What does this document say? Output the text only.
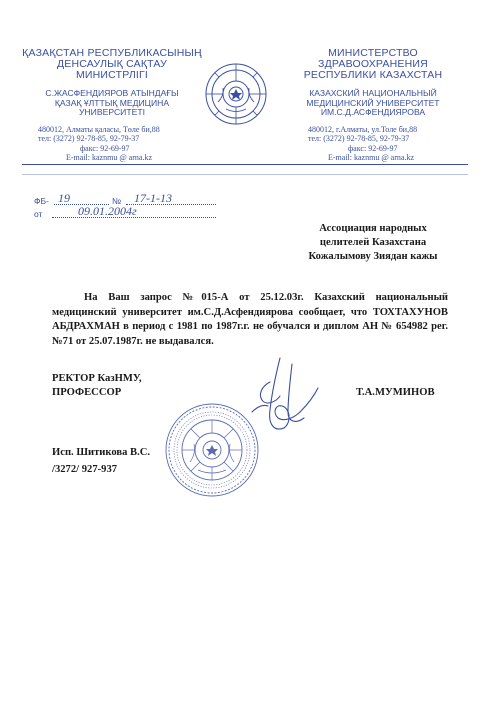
ҚАЗАҚСТАН РЕСПУБЛИКАСЫНЫҢ
ДЕНСАУЛЫҚ САҚТАУ
МИНИСТРЛІГІ
С.ЖАСФЕНДИЯРОВ АТЫНДАҒЫ
ҚАЗАҚ ҰЛТТЫҚ МЕДИЦИНА
УНИВЕРСИТЕТІ
480012, Алматы қаласы, Төле би,88
тел: (3272) 92-78-85, 92-79-37
факс: 92-69-97
E-mail: kaznmu @ arna.kz
МИНИСТЕРСТВО
ЗДРАВООХРАНЕНИЯ
РЕСПУБЛИКИ КАЗАХСТАН
КАЗАХСКИЙ НАЦИОНАЛЬНЫЙ
МЕДИЦИНСКИЙ УНИВЕРСИТЕТ
ИМ.С.Д.АСФЕНДИЯРОВА
480012, г.Алматы, ул.Толе би,88
тел: (3272) 92-78-85, 92-79-37
факс: 92-69-97
E-mail: kaznmu @ arna.kz
ФБ- 19	№ 17-1-13
от	09.01.2004г
Ассоциация народных
целителей Казахстана
Кожалымову Зиядан кажы
На Ваш запрос №015-А от 25.12.03г. Казахский национальный медицинский университет им.С.Д.Асфендиярова сообщает, что ТОХТАХУНОВ АБДРАХМАН в период с 1981 по 1987г.г. не обучался и диплом АН № 654982 рег. №71 от 25.07.1987г. не выдавался.
РЕКТОР КазНМУ,
ПРОФЕССОР	Т.А.МУМИНОВ
Исп. Шитикова В.С.
/3272/ 927-937
